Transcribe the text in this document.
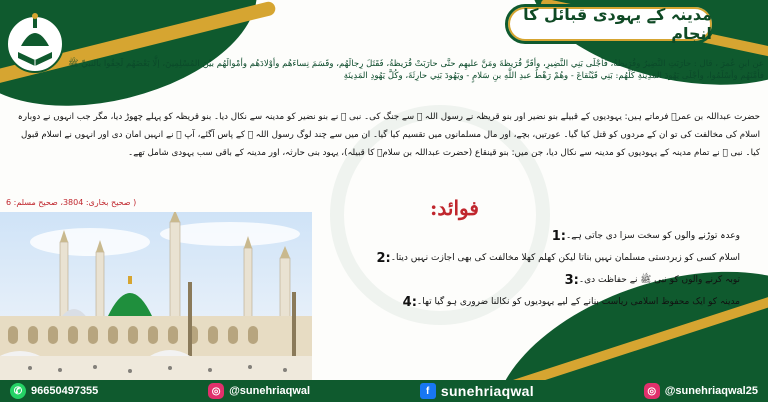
مدینہ کے یہودی قبائل کا انجام

عن ابنِ عُمرَ ، قال : حارَبَتِ النَّضِيرُ وقُرَيظةُ، فأجْلَى بَنِي النَّضِيرِ، وأقَرَّ قُرَيظةَ ومَنَّ عليهِم حتَّى حارَبَتْ قُرَيظةُ، فَقَتَلَ رِجالَهُم، وقَسَمَ نِساءَهُم وأوْلادَهُم وأمْوالَهُم بيْنَ المُسْلِمِينَ، إلَّا بَعْضَهُم لَحِقُوا بالنبيِّ ﷺ فأمَّنَهُم وأسْلَمُوا، وأجْلَى يَهُودَ المَدِينَةِ كُلَّهُم: بَنِي قَيْنُقاعَ - وهُمْ رَهْطُ عبدِ اللَّهِ بنِ سَلامٍ - ويَهُودَ بَنِي حارِثَةَ، وكُلَّ يَهُودِ المَدِينَةِ

حضرت عبداللہ بن عمرؓ فرماتے ہیں: یہودیوں کے قبیلے بنو نضیر اور بنو قریظہ نے رسول اللہ ﷺ سے جنگ کی۔ نبی ﷺ نے بنو نضیر کو مدینہ سے نکال دیا۔ بنو قریظہ کو پہلے چھوڑ دیا، مگر جب انہوں نے دوبارہ اسلام کی مخالفت کی تو ان کے مردوں کو قتل کیا گیا۔ عورتیں، بچے، اور مال مسلمانوں میں تقسیم کیا گیا۔ ان میں سے چند لوگ رسول اللہ ﷺ کے پاس آگئے، آپ ﷺ نے انہیں امان دی اور انہوں نے اسلام قبول کیا۔ نبی ﷺ نے تمام مدینہ کے یہودیوں کو مدینہ سے نکال دیا، جن میں: بنو قینقاع (حضرت عبداللہ بن سلامؓ کا قبیلہ)، یہود بنی حارثہ، اور مدینہ کے باقی سب یہودی شامل تھے۔

( صحیح بخاری: 3804، صحیح مسلم: 6	فوائد:
1: وعدہ توڑنے والوں کو سخت سزا دی جاتی ہے۔
2: اسلام کسی کو زبردستی مسلمان نہیں بناتا لیکن کھلم کھلا مخالفت کی بھی اجازت نہیں دیتا۔
3: توبہ کرنے والوں کو نبی ﷺ نے حفاظت دی۔
4: مدینہ کو ایک محفوظ اسلامی ریاست بنانے کے لیے یہودیوں کو نکالنا ضروری ہو گیا تھا۔
✆ 96650497355	◎ @sunehriaqwal	f sunehriaqwal	◎ @sunehriaqwal25
